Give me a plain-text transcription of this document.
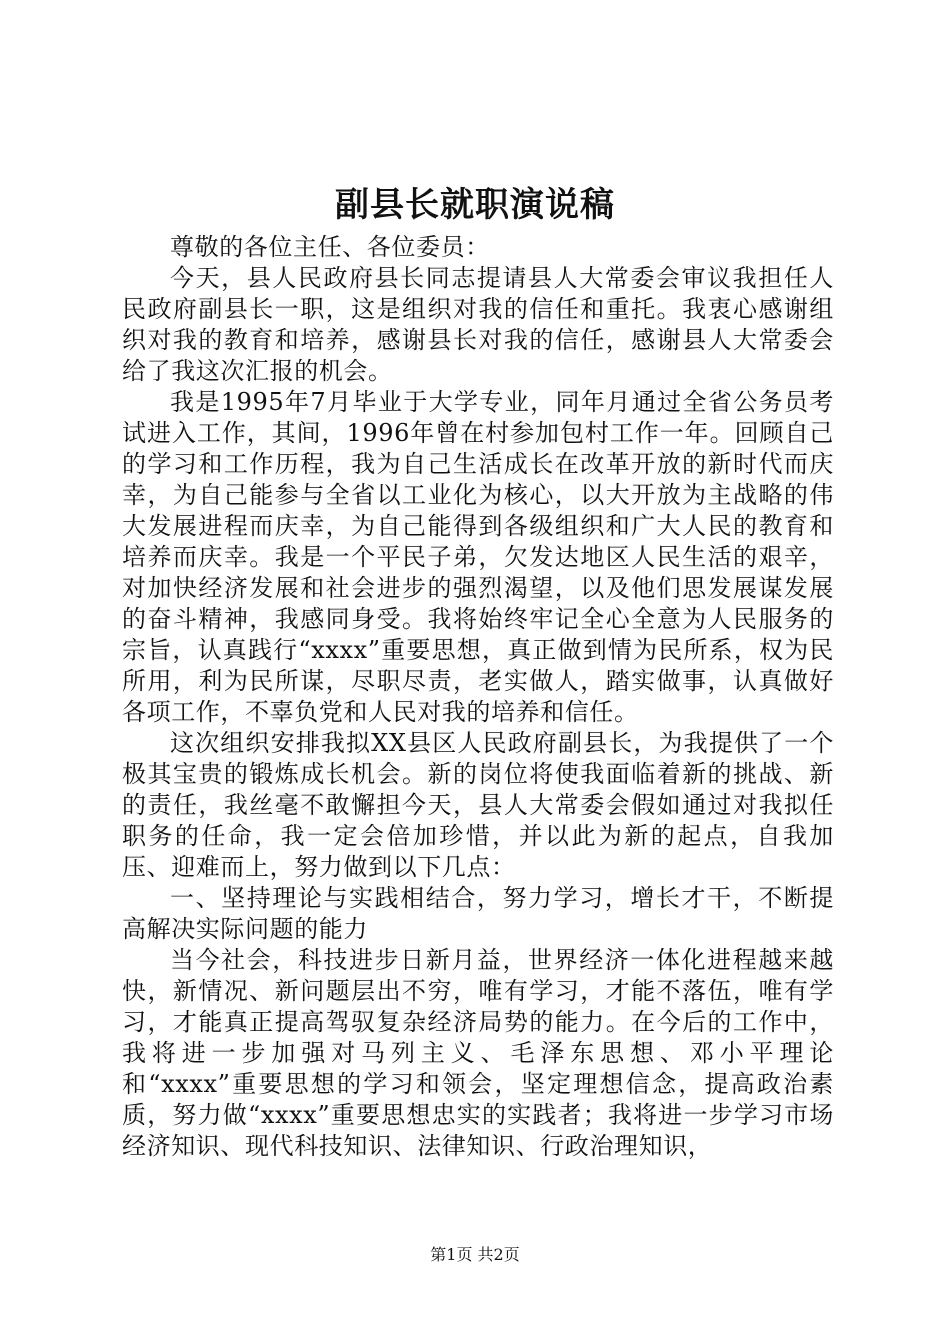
副县长就职演说稿

尊敬的各位主任、各位委员：

今天，县人民政府县长同志提请县人大常委会审议我担任人民政府副县长一职，这是组织对我的信任和重托。我衷心感谢组织对我的教育和培养，感谢县长对我的信任，感谢县人大常委会给了我这次汇报的机会。

我是1995年7月毕业于大学专业，同年月通过全省公务员考试进入工作，其间，1996年曾在村参加包村工作一年。回顾自己的学习和工作历程，我为自己生活成长在改革开放的新时代而庆幸，为自己能参与全省以工业化为核心，以大开放为主战略的伟大发展进程而庆幸，为自己能得到各级组织和广大人民的教育和培养而庆幸。我是一个平民子弟，欠发达地区人民生活的艰辛，对加快经济发展和社会进步的强烈渴望，以及他们思发展谋发展的奋斗精神，我感同身受。我将始终牢记全心全意为人民服务的宗旨，认真践行“xxxx”重要思想，真正做到情为民所系，权为民所用，利为民所谋，尽职尽责，老实做人，踏实做事，认真做好各项工作，不辜负党和人民对我的培养和信任。

这次组织安排我拟XX县区人民政府副县长，为我提供了一个极其宝贵的锻炼成长机会。新的岗位将使我面临着新的挑战、新的责任，我丝毫不敢懈担今天，县人大常委会假如通过对我拟任职务的任命，我一定会倍加珍惜，并以此为新的起点，自我加压、迎难而上，努力做到以下几点：

一、坚持理论与实践相结合，努力学习，增长才干，不断提高解决实际问题的能力

当今社会，科技进步日新月益，世界经济一体化进程越来越快，新情况、新问题层出不穷，唯有学习，才能不落伍，唯有学习，才能真正提高驾驭复杂经济局势的能力。在今后的工作中，我将进一步加强对马列主义、毛泽东思想、邓小平理论和“xxxx”重要思想的学习和领会，坚定理想信念，提高政治素质，努力做“xxxx”重要思想忠实的实践者；我将进一步学习市场经济知识、现代科技知识、法律知识、行政治理知识，

第1页 共2页
